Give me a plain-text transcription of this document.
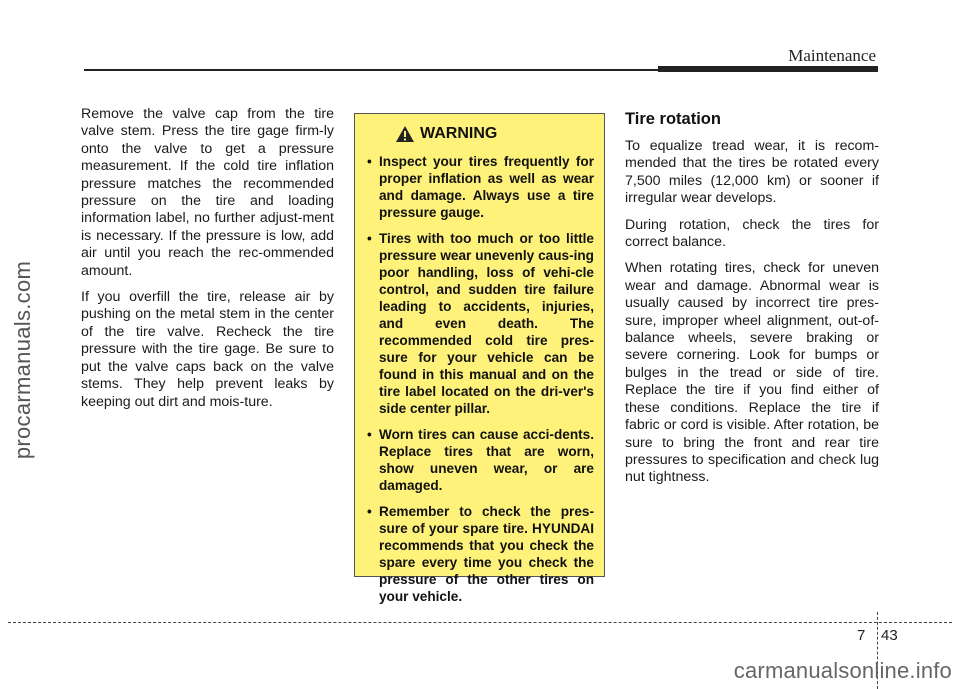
Maintenance
procarmanuals.com

Remove the valve cap from the tire valve stem. Press the tire gage firm-ly onto the valve to get a pressure measurement. If the cold tire inflation pressure matches the recommended pressure on the tire and loading information label, no further adjust-ment is necessary. If the pressure is low, add air until you reach the rec-ommended amount.

If you overfill the tire, release air by pushing on the metal stem in the center of the tire valve. Recheck the tire pressure with the tire gage. Be sure to put the valve caps back on the valve stems. They help prevent leaks by keeping out dirt and mois-ture.

WARNING
• Inspect your tires frequently for proper inflation as well as wear and damage. Always use a tire pressure gauge.
• Tires with too much or too little pressure wear unevenly caus-ing poor handling, loss of vehi-cle control, and sudden tire failure leading to accidents, injuries, and even death. The recommended cold tire pres-sure for your vehicle can be found in this manual and on the tire label located on the dri-ver's side center pillar.
• Worn tires can cause acci-dents. Replace tires that are worn, show uneven wear, or are damaged.
• Remember to check the pres-sure of your spare tire. HYUNDAI recommends that you check the spare every time you check the pressure of the other tires on your vehicle.
Tire rotation

To equalize tread wear, it is recom-mended that the tires be rotated every 7,500 miles (12,000 km) or sooner if irregular wear develops.

During rotation, check the tires for correct balance.

When rotating tires, check for uneven wear and damage. Abnormal wear is usually caused by incorrect tire pres-sure, improper wheel alignment, out-of-balance wheels, severe braking or severe cornering. Look for bumps or bulges in the tread or side of tire. Replace the tire if you find either of these conditions. Replace the tire if fabric or cord is visible. After rotation, be sure to bring the front and rear tire pressures to specification and check lug nut tightness.

7 43
carmanualsonline.info
